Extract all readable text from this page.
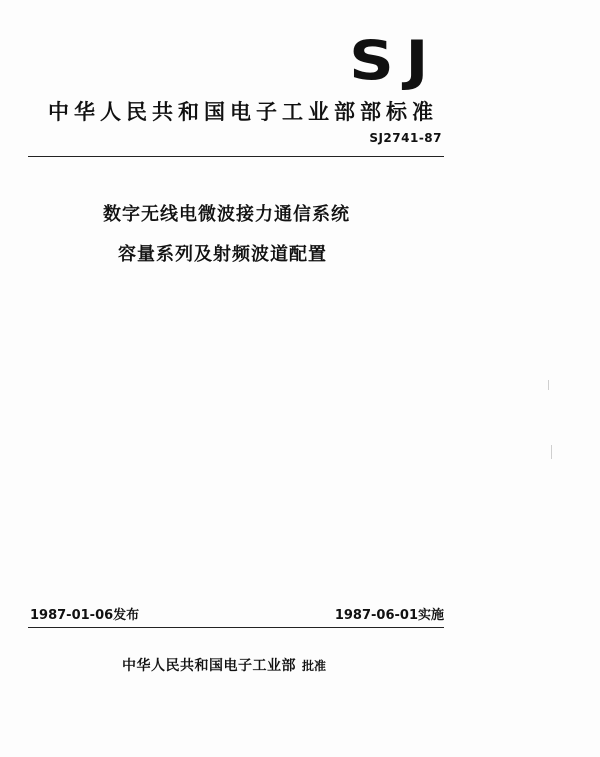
SJ
中华人民共和国电子工业部部标准
SJ2741-87
数字无线电微波接力通信系统
容量系列及射频波道配置
1987-01-06发布	1987-06-01实施
中华人民共和国电子工业部 批准
